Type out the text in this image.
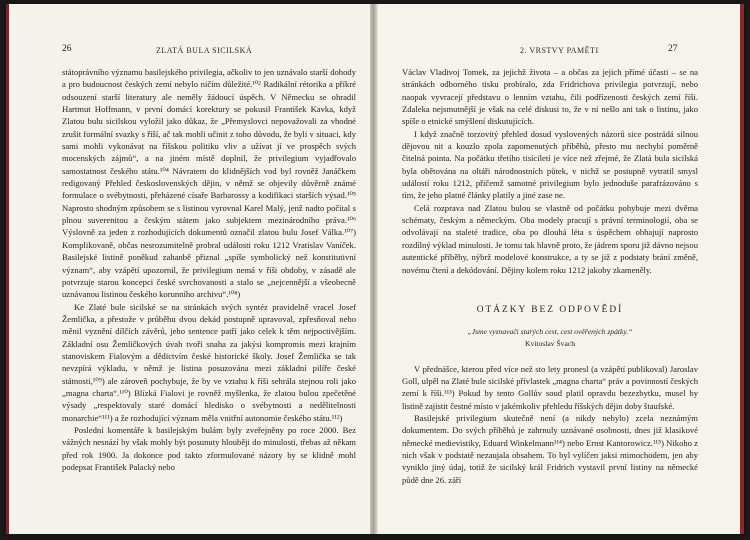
26	ZLATÁ BULA SICILSKÁ

státoprávního významu basilejského privilegia, ačkoliv to jen uznávalo starší dohody a pro budoucnost českých zemí nebylo ničím důležité.¹⁰² Radikální rétorika a příkré odsouzení starší literatury ale neměly žádoucí úspěch. V Německu se ohradil Hartmut Hoffmann, v první domácí korektury se pokusil František Kavka, když Zlatou bulu sicilskou vyložil jako důkaz, že „Přemyslovci nepovažovali za vhodné zrušit formální svazky s říší, ač tak mohli učinit z toho důvodu, že byli v situaci, kdy sami mohli vykonávat na říšskou politiku vliv a užívat jí ve prospěch svých mocenských zájmů“, a na jiném místě doplnil, že privilegium vyjadřovalo samostatnost českého státu.¹⁰⁴ Návratem do klidnějších vod byl rovněž Janáčkem redigovaný Přehled československých dějin, v němž se objevily důvěrně známé formulace o svébytnosti, přeházené císaře Barbarossy a kodifikaci starších výsad.¹⁰⁵ Naprosto shodným způsobem se s listinou vyrovnal Karel Malý, jenž nadto počítal s plnou suverenitou a českým státem jako subjektem mezinárodního práva.¹⁰⁶ Výslovně za jeden z rozhodujících dokumentů označil zlatou bulu Josef Válka.¹⁰⁷) Komplikovaně, občas nesrozumitelně probral události roku 1212 Vratislav Vaníček. Basilejské listině poněkud zahanbě přiznal „spíše symbolický než konstitutivní význam“, aby vzápětí upozornil, že privilegium nemá v říši obdoby, v zásadě ale potvrzuje starou koncepci české svrchovanosti a stalo se „nejcennější a všeobecně uznávanou listinou českého korunního archivu“.¹⁰⁸)

Ke Zlaté bule sicilské se na stránkách svých syntéz pravidelně vracel Josef Žemlička, a přestože v průběhu dvou dekád postupně upravoval, zpřesňoval nebo měnil vyznění dílčích závěrů, jeho sentence patří jako celek k těm nejpoctivějším. Základní osu Žemličkových úvah tvoří snaha za jakýsi kompromis mezi krajním stanoviskem Fialovým a dědictvím české historické školy. Josef Žemlička se tak nevzpírá výkladu, v němž je listina posuzována mezi základní pilíře české státnosti,¹⁰⁹) ale zároveň pochybuje, že by ve vztahu k říši sehrála stejnou roli jako „magna charta“.¹¹⁰) Blízká Fialovi je rovněž myšlenka, že zlatou bulou zpečetěné výsady „respektovaly staré domácí hledisko o svébytnosti a nedělitelnosti monarchie“¹¹¹) a že rozhodující význam měla vnitřní autonomie českého státu.¹¹²)

Poslední komentáře k basilejským bulám byly zveřejněny po roce 2000. Bez vážných nesnází by však mohly být posunuty hlouběji do minulosti, třebas až někam před rok 1900. Ja dokonce pod takto zformulované názory by se klidně mohl podepsat František Palacký nebo

2. VRSTVY PAMĚTI	27

Václav Vladivoj Tomek, za jejichž života – a občas za jejich přímé účasti – se na stránkách odborného tisku probíralo, zda Fridrichova privilegia potvrzují, nebo naopak vyvracejí představu o lenním vztahu, čili podřízenosti českých zemí říši. Zdaleka nejsmutnější je však na celé diskusi to, že v ní nešlo ani tak o listinu, jako spíše o etnické smýšlení diskutujících.

I když značně torzovitý přehled dosud vyslovených názorů sice postrádá silnou dějovou nit a kouzlo zpola zapomenutých příběhů, přesto mu nechybí poměrně čitelná pointa. Na počátku třetího tisíciletí je více než zřejmé, že Zlatá bula sicilská byla obětována na oltáři národnostních půtek, v nichž se postupně vytratil smysl událostí roku 1212, přičemž samotné privilegium bylo jednoduše parafrázováno s tím, že jeho platné články platily a jiné zase ne.

Celá rozprava nad Zlatou bulou se vlastně od počátku pohybuje mezi dvěma schématy, českým a německým. Oba modely pracují s právní terminologií, oba se odvolávají na staleté tradice, oba po dlouhá léta s úspěchem obhajují naprosto rozdílný výklad minulosti. Je tomu tak hlavně proto, že jádrem sporu již dávno nejsou autentické příběhy, nýbrž modelové konstrukce, a ty se již z podstaty brání změně, novému čtení a dekódování. Dějiny kolem roku 1212 jakoby zkameněly.

OTÁZKY BEZ ODPOVĚDÍ
„Jsme vyznavači starých cest, cest ověřených zpátky.“
Kvitoslav Švach

V přednášce, kterou před více než sto lety pronesl (a vzápětí publikoval) Jaroslav Goll, ulpěl na Zlaté bule sicilské přívlastek „magna charta“ práv a povinností českých zemí k říši.¹¹³) Pokud by tento Gollův soud platil opravdu bezezbytku, musel by listině zajistit čestné místo v jakémkoliv přehledu říšských dějin doby štaufské.

Basilejské privilegium skutečně není (a nikdy nebylo) zcela neznámým dokumentem. Do svých příběhů je zahrnuly uznávané osobnosti, dnes již klasikové německé medievistiky, Eduard Winkelmann¹¹⁴) nebo Ernst Kantorowicz.¹¹⁵) Nikoho z nich však v podstatě nezaujala obsahem. To byl vylíčen jaksi mimochodem, jen aby vyniklo jiný údaj, totiž že sicilský král Fridrich vystavil první listiny na německé půdě dne 26. září
